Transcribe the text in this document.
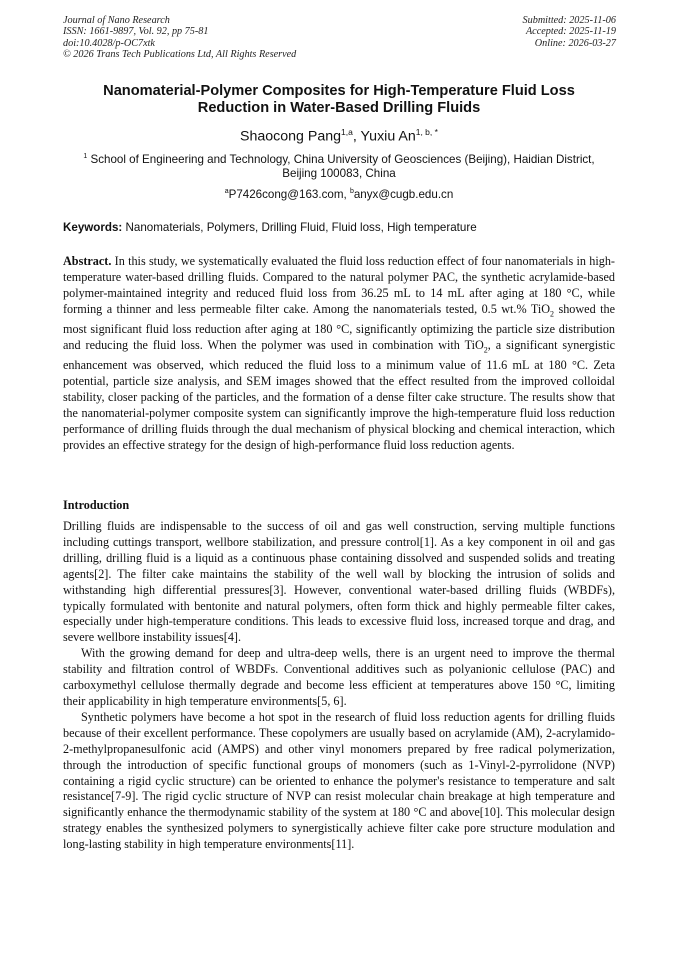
Journal of Nano Research
ISSN: 1661-9897, Vol. 92, pp 75-81
doi:10.4028/p-OC7xtk
© 2026 Trans Tech Publications Ltd, All Rights Reserved
Submitted: 2025-11-06
Accepted: 2025-11-19
Online: 2026-03-27
Nanomaterial-Polymer Composites for High-Temperature Fluid Loss
Reduction in Water-Based Drilling Fluids
Shaocong Pang$^{1,a}$, Yuxiu $An^{1, b, *}$
$^1$ School of Engineering and Technology, China University of Geosciences (Beijing), Haidian District,
Beijing 100083, China
$^a$P7426cong@163.com, $^b$anyx@cugb.edu.cn
Keywords: Nanomaterials, Polymers, Drilling Fluid, Fluid loss, High temperature
Abstract. In this study, we systematically evaluated the fluid loss reduction effect of four nanomaterials in high-temperature water-based drilling fluids. Compared to the natural polymer PAC, the synthetic acrylamide-based polymer-maintained integrity and reduced fluid loss from 36.25 mL to 14 mL after aging at 180 °C, while forming a thinner and less permeable filter cake. Among the nanomaterials tested, 0.5 wt.% TiO$_2$ showed the most significant fluid loss reduction after aging at 180 °C, significantly optimizing the particle size distribution and reducing the fluid loss. When the polymer was used in combination with TiO$_2$, a significant synergistic enhancement was observed, which reduced the fluid loss to a minimum value of 11.6 mL at 180 °C. Zeta potential, particle size analysis, and SEM images showed that the effect resulted from the improved colloidal stability, closer packing of the particles, and the formation of a dense filter cake structure. The results show that the nanomaterial-polymer composite system can significantly improve the high-temperature fluid loss reduction performance of drilling fluids through the dual mechanism of physical blocking and chemical interaction, which provides an effective strategy for the design of high-performance fluid loss reduction agents.
Introduction

Drilling fluids are indispensable to the success of oil and gas well construction, serving multiple functions including cuttings transport, wellbore stabilization, and pressure control[1]. As a key component in oil and gas drilling, drilling fluid is a liquid as a continuous phase containing dissolved and suspended solids and treating agents[2]. The filter cake maintains the stability of the well wall by blocking the intrusion of solids and withstanding high differential pressures[3]. However, conventional water-based drilling fluids (WBDFs), typically formulated with bentonite and natural polymers, often form thick and highly permeable filter cakes, especially under high-temperature conditions. This leads to excessive fluid loss, increased torque and drag, and severe wellbore instability issues[4].

With the growing demand for deep and ultra-deep wells, there is an urgent need to improve the thermal stability and filtration control of WBDFs. Conventional additives such as polyanionic cellulose (PAC) and carboxymethyl cellulose thermally degrade and become less efficient at temperatures above 150 °C, limiting their applicability in high temperature environments[5, 6].

Synthetic polymers have become a hot spot in the research of fluid loss reduction agents for drilling fluids because of their excellent performance. These copolymers are usually based on acrylamide (AM), 2-acrylamido-2-methylpropanesulfonic acid (AMPS) and other vinyl monomers prepared by free radical polymerization, through the introduction of specific functional groups of monomers (such as 1-Vinyl-2-pyrrolidone (NVP) containing a rigid cyclic structure) can be oriented to enhance the polymer's resistance to temperature and salt resistance[7-9]. The rigid cyclic structure of NVP can resist molecular chain breakage at high temperature and significantly enhance the thermodynamic stability of the system at 180 °C and above[10]. This molecular design strategy enables the synthesized polymers to synergistically achieve filter cake pore structure modulation and long-lasting stability in high temperature environments[11].
